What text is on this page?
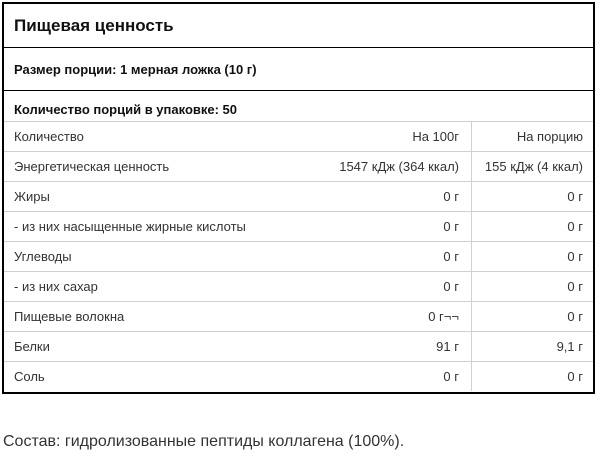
Пищевая ценность
Размер порции: 1 мерная ложка (10 г)
Количество порций в упаковке: 50
Количество	На 100г	На порцию
Энергетическая ценность	1547 кДж (364 ккал)	155 кДж (4 ккал)
Жиры	0 г	0 г
- из них насыщенные жирные кислоты	0 г	0 г
Углеводы	0 г	0 г
- из них сахар	0 г	0 г
Пищевые волокна	0 г¬¬	0 г
Белки	91 г	9,1 г
Соль	0 г	0 г
Состав: гидролизованные пептиды коллагена (100%).
